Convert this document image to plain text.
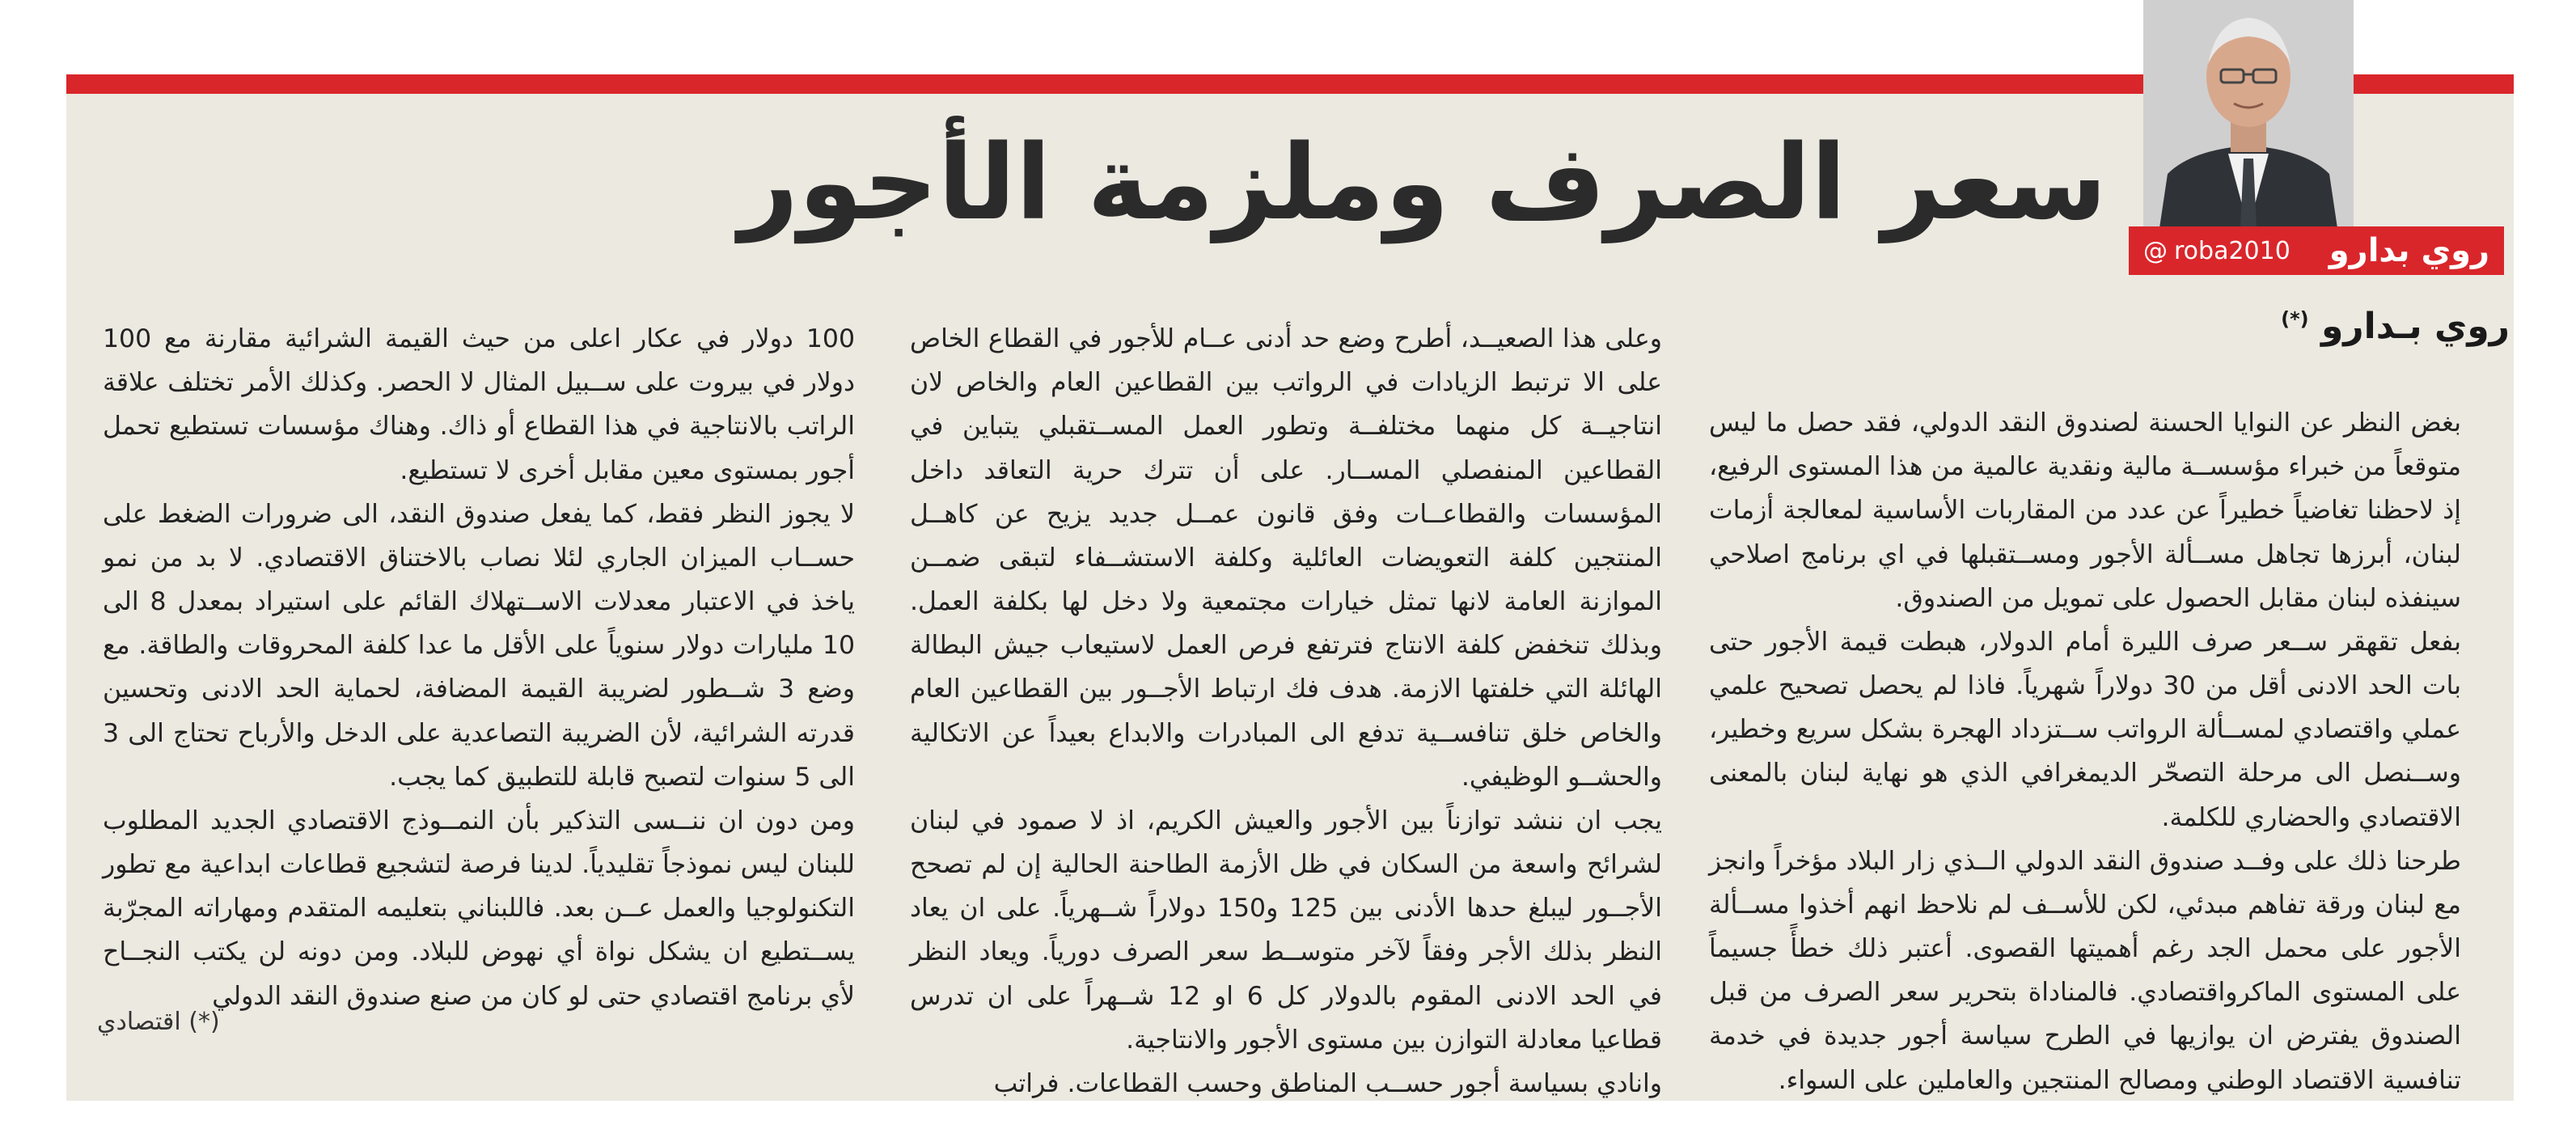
روي بدارو
@ roba2010
سعر الصرف وملزمة الأجور
روي بـدارو (*)

بغض النظر عن النوايا الحسنة لصندوق النقد الدولي، فقد حصل ما ليس متوقعاً من خبراء مؤسســة مالية ونقدية عالمية من هذا المستوى الرفيع، إذ لاحظنا تغاضياً خطيراً عن عدد من المقاربات الأساسية لمعالجة أزمات لبنان، أبرزها تجاهل مســألة الأجور ومســتقبلها في اي برنامج اصلاحي سينفذه لبنان مقابل الحصول على تمويل من الصندوق.

بفعل تقهقر ســعر صرف الليرة أمام الدولار، هبطت قيمة الأجور حتى بات الحد الادنى أقل من 30 دولاراً شهرياً. فاذا لم يحصل تصحيح علمي عملي واقتصادي لمســألة الرواتب ســتزداد الهجرة بشكل سريع وخطير، وســنصل الى مرحلة التصحّر الديمغرافي الذي هو نهاية لبنان بالمعنى الاقتصادي والحضاري للكلمة.

طرحنا ذلك على وفــد صندوق النقد الدولي الــذي زار البلاد مؤخراً وانجز مع لبنان ورقة تفاهم مبدئي، لكن للأســف لم نلاحظ انهم أخذوا مســألة الأجور على محمل الجد رغم أهميتها القصوى. أعتبر ذلك خطأً جسيماً على المستوى الماكرواقتصادي. فالمناداة بتحرير سعر الصرف من قبل الصندوق يفترض ان يوازيها في الطرح سياسة أجور جديدة في خدمة تنافسية الاقتصاد الوطني ومصالح المنتجين والعاملين على السواء.

وعلى هذا الصعيــد، أطرح وضع حد أدنى عــام للأجور في القطاع الخاص على الا ترتبط الزيادات في الرواتب بين القطاعين العام والخاص لان انتاجيــة كل منهما مختلفــة وتطور العمل المســتقبلي يتباين في القطاعين المنفصلي المســار. على أن تترك حرية التعاقد داخل المؤسسات والقطاعــات وفق قانون عمــل جديد يزيح عن كاهــل المنتجين كلفة التعويضات العائلية وكلفة الاستشــفاء لتبقى ضمــن الموازنة العامة لانها تمثل خيارات مجتمعية ولا دخل لها بكلفة العمل. وبذلك تنخفض كلفة الانتاج فترتفع فرص العمل لاستيعاب جيش البطالة الهائلة التي خلفتها الازمة. هدف فك ارتباط الأجــور بين القطاعين العام والخاص خلق تنافســية تدفع الى المبادرات والابداع بعيداً عن الاتكالية والحشــو الوظيفي.

يجب ان ننشد توازناً بين الأجور والعيش الكريم، اذ لا صمود في لبنان لشرائح واسعة من السكان في ظل الأزمة الطاحنة الحالية إن لم تصحح الأجــور ليبلغ حدها الأدنى بين 125 و150 دولاراً شــهرياً. على ان يعاد النظر بذلك الأجر وفقاً لآخر متوســط سعر الصرف دورياً. ويعاد النظر في الحد الادنى المقوم بالدولار كل 6 او 12 شــهراً على ان تدرس قطاعيا معادلة التوازن بين مستوى الأجور والانتاجية.

وانادي بسياسة أجور حســب المناطق وحسب القطاعات. فراتب

100 دولار في عكار اعلى من حيث القيمة الشرائية مقارنة مع 100 دولار في بيروت على ســبيل المثال لا الحصر. وكذلك الأمر تختلف علاقة الراتب بالانتاجية في هذا القطاع أو ذاك. وهناك مؤسسات تستطيع تحمل أجور بمستوى معين مقابل أخرى لا تستطيع.

لا يجوز النظر فقط، كما يفعل صندوق النقد، الى ضرورات الضغط على حســاب الميزان الجاري لئلا نصاب بالاختناق الاقتصادي. لا بد من نمو ياخذ في الاعتبار معدلات الاســتهلاك القائم على استيراد بمعدل 8 الى 10 مليارات دولار سنوياً على الأقل ما عدا كلفة المحروقات والطاقة. مع وضع 3 شــطور لضريبة القيمة المضافة، لحماية الحد الادنى وتحسين قدرته الشرائية، لأن الضريبة التصاعدية على الدخل والأرباح تحتاج الى 3 الى 5 سنوات لتصبح قابلة للتطبيق كما يجب.

ومن دون ان ننــسى التذكير بأن النمــوذج الاقتصادي الجديد المطلوب للبنان ليس نموذجاً تقليدياً. لدينا فرصة لتشجيع قطاعات ابداعية مع تطور التكنولوجيا والعمل عــن بعد. فاللبناني بتعليمه المتقدم ومهاراته المجرّبة يســتطيع ان يشكل نواة أي نهوض للبلاد. ومن دونه لن يكتب النجــاح لأي برنامج اقتصادي حتى لو كان من صنع صندوق النقد الدولي

(*) اقتصادي
